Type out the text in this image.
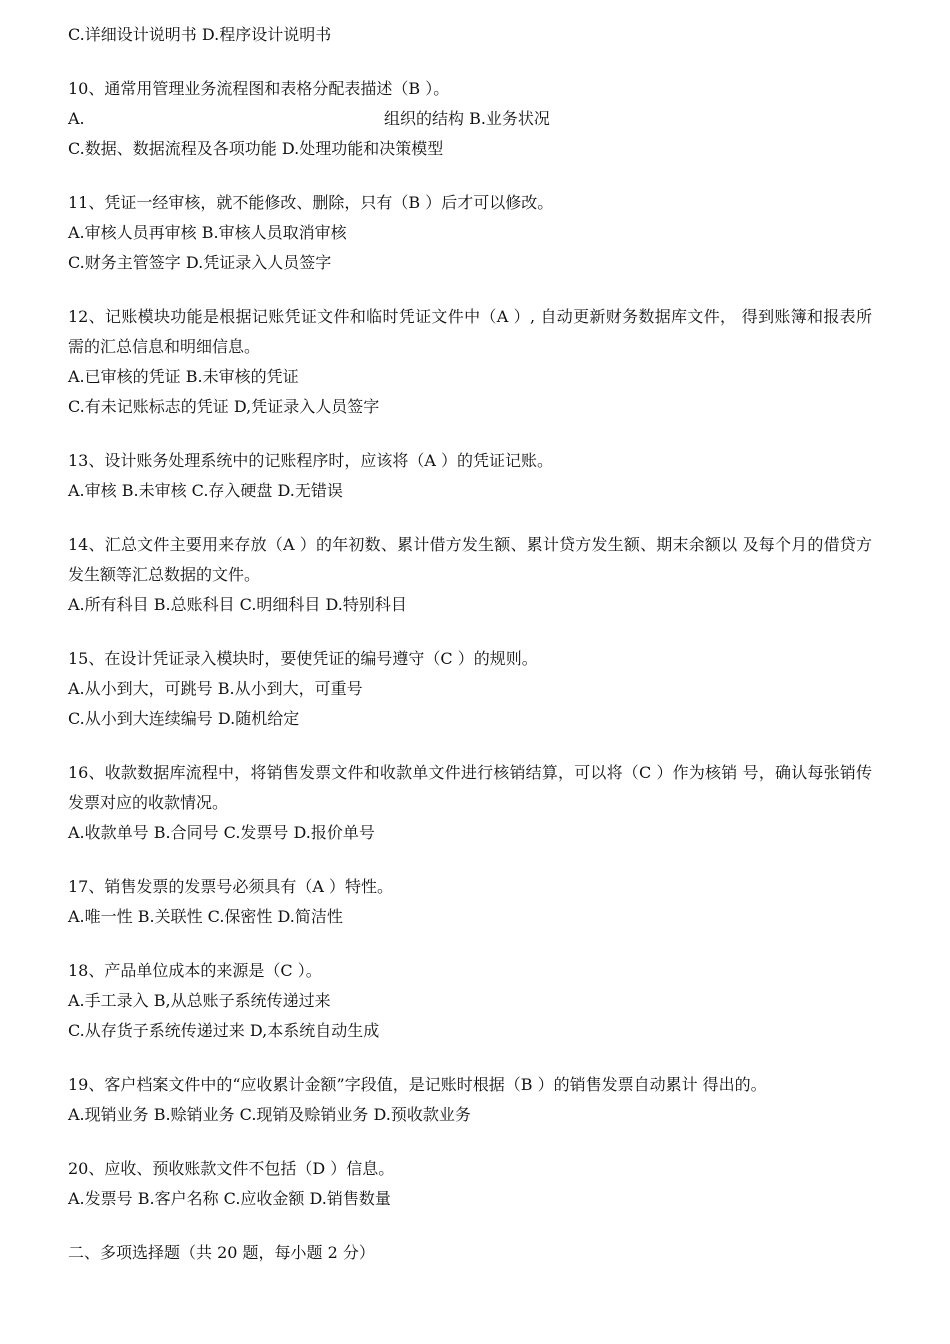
C.详细设计说明书 D.程序设计说明书
10、通常用管理业务流程图和表格分配表描述（B ）。
A.	组织的结构 B.业务状况
C.数据、数据流程及各项功能 D.处理功能和决策模型
11、凭证一经审核，就不能修改、删除，只有（B ）后才可以修改。
A.审核人员再审核 B.审核人员取消审核
C.财务主管签字 D.凭证录入人员签字
12、记账模块功能是根据记账凭证文件和临时凭证文件中（A ）, 自动更新财务数据库文件， 得到账簿和报表所需的汇总信息和明细信息。
A.已审核的凭证 B.未审核的凭证
C.有未记账标志的凭证 D,凭证录入人员签字
13、设计账务处理系统中的记账程序时，应该将（A ）的凭证记账。
A.审核 B.未审核 C.存入硬盘 D.无错误
14、汇总文件主要用来存放（A ）的年初数、累计借方发生额、累计贷方发生额、期末余额以 及每个月的借贷方发生额等汇总数据的文件。
A.所有科目 B.总账科目 C.明细科目 D.特别科目
15、在设计凭证录入模块时，要使凭证的编号遵守（C ）的规则。
A.从小到大，可跳号 B.从小到大，可重号
C.从小到大连续编号 D.随机给定
16、收款数据库流程中，将销售发票文件和收款单文件进行核销结算，可以将（C ）作为核销 号，确认每张销传发票对应的收款情况。
A.收款单号 B.合同号 C.发票号 D.报价单号
17、销售发票的发票号必须具有（A ）特性。
A.唯一性 B.关联性 C.保密性 D.简洁性
18、产品单位成本的来源是（C ）。
A.手工录入 B,从总账子系统传递过来
C.从存货子系统传递过来 D,本系统自动生成
19、客户档案文件中的“应收累计金额”字段值，是记账时根据（B ）的销售发票自动累计 得出的。
A.现销业务 B.赊销业务 C.现销及赊销业务 D.预收款业务
20、应收、预收账款文件不包括（D ）信息。
A.发票号 B.客户名称 C.应收金额 D.销售数量
二、多项选择题（共 20 题，每小题 2 分）
